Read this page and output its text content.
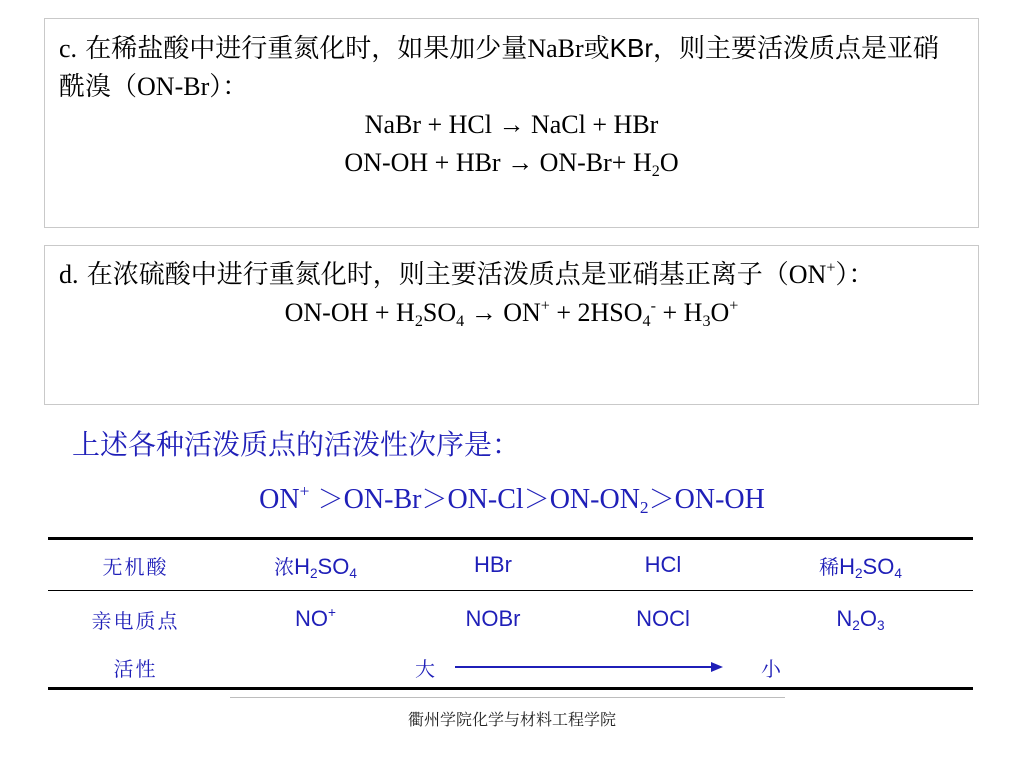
c. 在稀盐酸中进行重氮化时，如果加少量NaBr或KBr，则主要活泼质点是亚硝酰溴（ON-Br）：
NaBr + HCl → NaCl + HBr
ON-OH + HBr → $ON-Br+ H_2O$
d. 在浓硫酸中进行重氮化时，则主要活泼质点是亚硝基正离子（ON+）：
$ON-OH + H_2SO_4 \to ON^+ + 2HSO_4^- + H_3O^+$
上述各种活泼质点的活泼性次序是：
$ON^+ >ON-Br>ON-Cl>ON-ON_2>ON-OH$
无机酸	浓$H_2SO_4$	HBr	HCl	稀$H_2SO_4$
亲电质点	NO+	NOBr	NOCl	$N_2O_3$
活性	大 小			
衢州学院化学与材料工程学院
